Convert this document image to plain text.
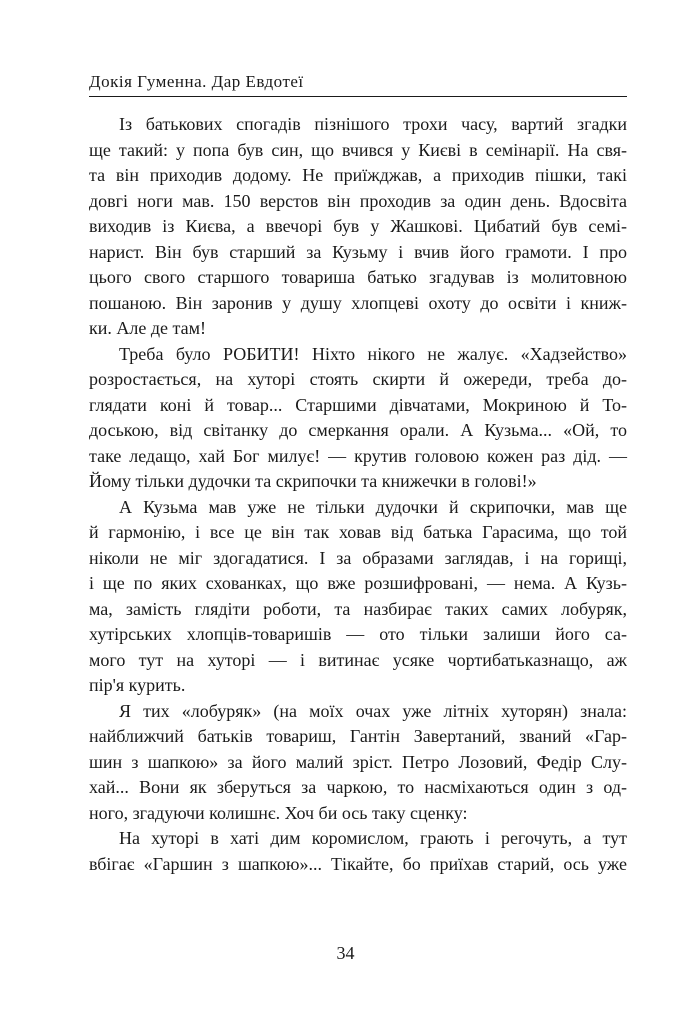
Докія Гуменна. Дар Евдотеї
Із батькових спогадів пізнішого трохи часу, вартий згадки
ще такий: у попа був син, що вчився у Києві в семінарії. На свя-
та він приходив додому. Не приїжджав, а приходив пішки, такі
довгі ноги мав. 150 верстов він проходив за один день. Вдосвіта
виходив із Києва, а ввечорі був у Жашкові. Цибатий був семі-
нарист. Він був старший за Кузьму і вчив його грамоти. І про
цього свого старшого товариша батько згадував із молитовною
пошаною. Він заронив у душу хлопцеві охоту до освіти і книж-
ки. Але де там!
Треба було РОБИТИ! Ніхто нікого не жалує. «Хадзейство»
розростається, на хуторі стоять скирти й ожереди, треба до-
глядати коні й товар... Старшими дівчатами, Мокриною й То-
доською, від світанку до смеркання орали. А Кузьма... «Ой, то
таке ледащо, хай Бог милує! — крутив головою кожен раз дід. —
Йому тільки дудочки та скрипочки та книжечки в голові!»
А Кузьма мав уже не тільки дудочки й скрипочки, мав ще
й гармонію, і все це він так ховав від батька Гарасима, що той
ніколи не міг здогадатися. І за образами заглядав, і на горищі,
і ще по яких схованках, що вже розшифровані, — нема. А Кузь-
ма, замість глядіти роботи, та назбирає таких самих лобуряк,
хутірських хлопців-товаришів — ото тільки залиши його са-
мого тут на хуторі — і витинає усяке чортибатьказнащо, аж
пір'я курить.
Я тих «лобуряк» (на моїх очах уже літніх хуторян) знала:
найближчий батьків товариш, Гантін Завертаний, званий «Гар-
шин з шапкою» за його малий зріст. Петро Лозовий, Федір Слу-
хай... Вони як зберуться за чаркою, то насміхаються один з од-
ного, згадуючи колишнє. Хоч би ось таку сценку:
На хуторі в хаті дим коромислом, грають і регочуть, а тут
вбігає «Гаршин з шапкою»... Тікайте, бо приїхав старий, ось уже
34
